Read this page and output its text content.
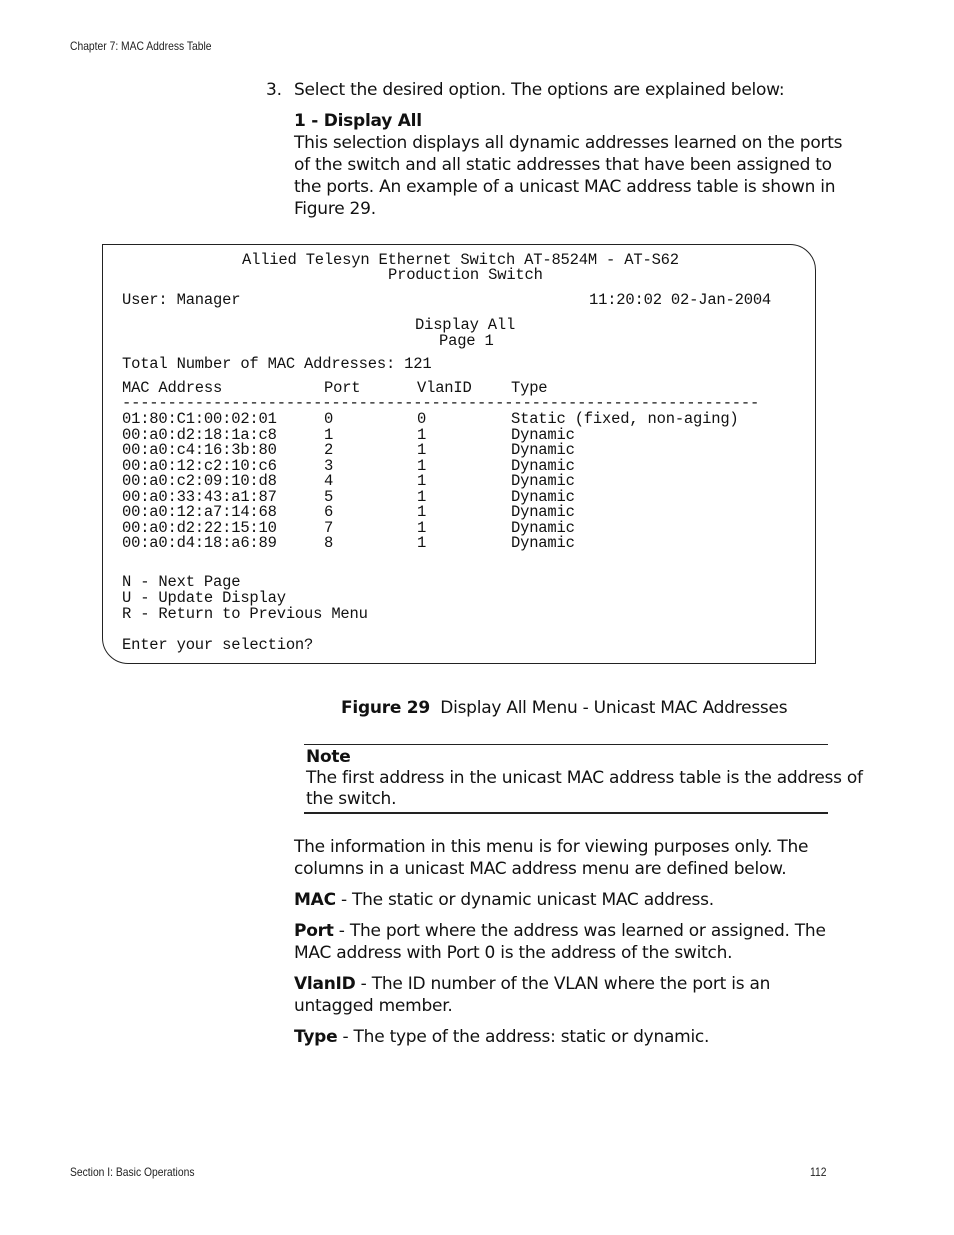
Chapter 7: MAC Address Table
3. Select the desired option. The options are explained below:
1 - Display All
This selection displays all dynamic addresses learned on the ports
of the switch and all static addresses that have been assigned to
the ports. An example of a unicast MAC address table is shown in
Figure 29.
Allied Telesyn Ethernet Switch AT-8524M - AT-S62
Production Switch
User: Manager	11:20:02 02-Jan-2004
Display All
Page 1
Total Number of MAC Addresses: 121
MAC Address	Port	VlanID	Type
----------------------------------------------------------------------
01:80:C1:00:02:01	0	0	Static (fixed, non-aging)
00:a0:d2:18:1a:c8	1	1	Dynamic
00:a0:c4:16:3b:80	2	1	Dynamic
00:a0:12:c2:10:c6	3	1	Dynamic
00:a0:c2:09:10:d8	4	1	Dynamic
00:a0:33:43:a1:87	5	1	Dynamic
00:a0:12:a7:14:68	6	1	Dynamic
00:a0:d2:22:15:10	7	1	Dynamic
00:a0:d4:18:a6:89	8	1	Dynamic
N - Next Page
U - Update Display
R - Return to Previous Menu
Enter your selection?
Figure 29 Display All Menu - Unicast MAC Addresses
Note
The first address in the unicast MAC address table is the address of
the switch.
The information in this menu is for viewing purposes only. The
columns in a unicast MAC address menu are defined below.
MAC - The static or dynamic unicast MAC address.
Port - The port where the address was learned or assigned. The
MAC address with Port 0 is the address of the switch.
VlanID - The ID number of the VLAN where the port is an
untagged member.
Type - The type of the address: static or dynamic.
Section I: Basic Operations	112
